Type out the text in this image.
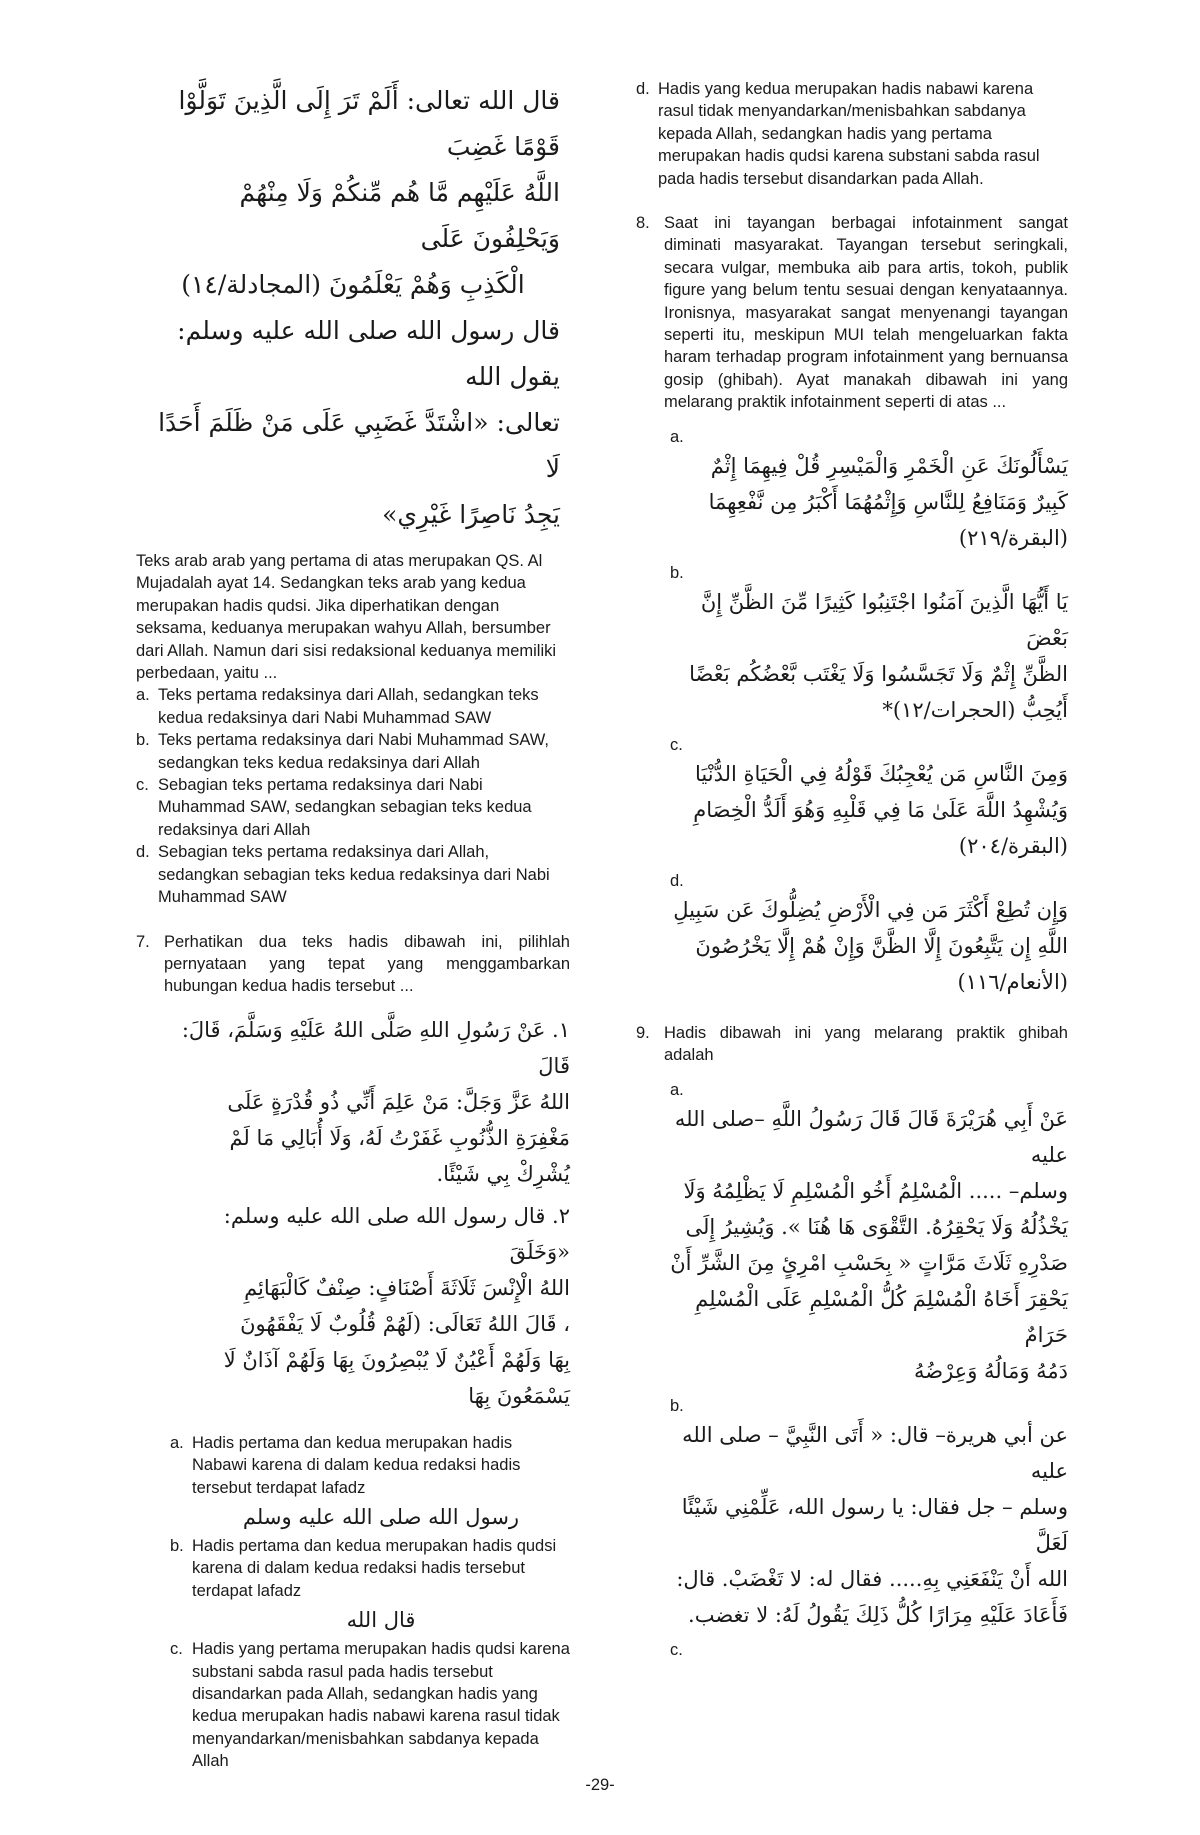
قال الله تعالى: أَلَمْ تَرَ إِلَى الَّذِينَ تَوَلَّوْا قَوْمًا غَضِبَ

اللَّهُ عَلَيْهِم مَّا هُم مِّنكُمْ وَلَا مِنْهُمْ وَيَحْلِفُونَ عَلَى

الْكَذِبِ وَهُمْ يَعْلَمُونَ (المجادلة/١٤)

قال رسول الله صلى الله عليه وسلم: يقول الله

تعالى: «اشْتَدَّ غَضَبِي عَلَى مَنْ ظَلَمَ أَحَدًا لَا

يَجِدُ نَاصِرًا غَيْرِي»

Teks arab arab yang pertama di atas merupakan QS. Al Mujadalah ayat 14. Sedangkan teks arab yang kedua merupakan hadis qudsi. Jika diperhatikan dengan seksama, keduanya merupakan wahyu Allah, bersumber dari Allah. Namun dari sisi redaksional keduanya memiliki perbedaan, yaitu ...

a. Teks pertama redaksinya dari Allah, sedangkan teks kedua redaksinya dari Nabi Muhammad SAW
b. Teks pertama redaksinya dari Nabi Muhammad SAW, sedangkan teks kedua redaksinya dari Allah
c. Sebagian teks pertama redaksinya dari Nabi Muhammad SAW, sedangkan sebagian teks kedua redaksinya dari Allah
d. Sebagian teks pertama redaksinya dari Allah, sedangkan sebagian teks kedua redaksinya dari Nabi Muhammad SAW
7. Perhatikan dua teks hadis dibawah ini, pilihlah pernyataan yang tepat yang menggambarkan hubungan kedua hadis tersebut ...

١. عَنْ رَسُولِ اللهِ صَلَّى اللهُ عَلَيْهِ وَسَلَّمَ، قَالَ: قَالَ

اللهُ عَزَّ وَجَلَّ: مَنْ عَلِمَ أَنِّي ذُو قُدْرَةٍ عَلَى

مَغْفِرَةِ الذُّنُوبِ غَفَرْتُ لَهُ، وَلَا أُبَالِي مَا لَمْ

يُشْرِكْ بِي شَيْئًا.

٢. قال رسول الله صلى الله عليه وسلم: «وَخَلَقَ

اللهُ الْإِنْسَ ثَلَاثَةَ أَصْنَافٍ: صِنْفٌ كَالْبَهَائِمِ

، قَالَ اللهُ تَعَالَى: (لَهُمْ قُلُوبٌ لَا يَفْقَهُونَ

بِهَا وَلَهُمْ أَعْيُنٌ لَا يُبْصِرُونَ بِهَا وَلَهُمْ آذَانٌ لَا

يَسْمَعُونَ بِهَا

a. Hadis pertama dan kedua merupakan hadis Nabawi karena di dalam kedua redaksi hadis tersebut terdapat lafadz
رسول الله صلى الله عليه وسلم
b. Hadis pertama dan kedua merupakan hadis qudsi karena di dalam kedua redaksi hadis tersebut terdapat lafadz
قال الله
c. Hadis yang pertama merupakan hadis qudsi karena substani sabda rasul pada hadis tersebut disandarkan pada Allah, sedangkan hadis yang kedua merupakan hadis nabawi karena rasul tidak menyandarkan/menisbahkan sabdanya kepada Allah
d. Hadis yang kedua merupakan hadis nabawi karena rasul tidak menyandarkan/menisbahkan sabdanya kepada Allah, sedangkan hadis yang pertama merupakan hadis qudsi karena substani sabda rasul pada hadis tersebut disandarkan pada Allah.
8. Saat ini tayangan berbagai infotainment sangat diminati masyarakat. Tayangan tersebut seringkali, secara vulgar, membuka aib para artis, tokoh, publik figure yang belum tentu sesuai dengan kenyataannya. Ironisnya, masyarakat sangat menyenangi tayangan seperti itu, meskipun MUI telah mengeluarkan fakta haram terhadap program infotainment yang bernuansa gosip (ghibah). Ayat manakah dibawah ini yang melarang praktik infotainment seperti di atas ...

a.

يَسْأَلُونَكَ عَنِ الْخَمْرِ وَالْمَيْسِرِ قُلْ فِيهِمَا إِثْمٌ

كَبِيرٌ وَمَنَافِعُ لِلنَّاسِ وَإِثْمُهُمَا أَكْبَرُ مِن نَّفْعِهِمَا

(البقرة/٢١٩)

b.

يَا أَيُّهَا الَّذِينَ آمَنُوا اجْتَنِبُوا كَثِيرًا مِّنَ الظَّنِّ إِنَّ بَعْضَ

الظَّنِّ إِثْمٌ وَلَا تَجَسَّسُوا وَلَا يَغْتَب بَّعْضُكُم بَعْضًا

أَيُحِبُّ (الحجرات/١٢)*

c.

وَمِنَ النَّاسِ مَن يُعْجِبُكَ قَوْلُهُ فِي الْحَيَاةِ الدُّنْيَا

وَيُشْهِدُ اللَّهَ عَلَىٰ مَا فِي قَلْبِهِ وَهُوَ أَلَدُّ الْخِصَامِ

(البقرة/٢٠٤)

d.

وَإِن تُطِعْ أَكْثَرَ مَن فِي الْأَرْضِ يُضِلُّوكَ عَن سَبِيلِ

اللَّهِ إِن يَتَّبِعُونَ إِلَّا الظَّنَّ وَإِنْ هُمْ إِلَّا يَخْرُصُونَ

(الأنعام/١١٦)

9. Hadis dibawah ini yang melarang praktik ghibah adalah

a.

عَنْ أَبِي هُرَيْرَةَ قَالَ قَالَ رَسُولُ اللَّهِ –صلى الله عليه

وسلم– ..... الْمُسْلِمُ أَخُو الْمُسْلِمِ لَا يَظْلِمُهُ وَلَا

يَخْذُلُهُ وَلَا يَحْقِرُهُ. التَّقْوَى هَا هُنَا ». وَيُشِيرُ إِلَى

صَدْرِهِ ثَلَاثَ مَرَّاتٍ « بِحَسْبِ امْرِئٍ مِنَ الشَّرِّ أَنْ

يَحْقِرَ أَخَاهُ الْمُسْلِمَ كُلُّ الْمُسْلِمِ عَلَى الْمُسْلِمِ حَرَامٌ

دَمُهُ وَمَالُهُ وَعِرْضُهُ

b.

عن أبي هريرة– قال: « أَتَى النَّبِيَّ – صلى الله عليه

وسلم – جل فقال: يا رسول الله، عَلِّمْنِي شَيْئًا لَعَلَّ

الله أَنْ يَنْفَعَنِي بِهِ..... فقال له: لا تَغْضَبْ. قال:

فَأَعَادَ عَلَيْهِ مِرَارًا كُلُّ ذَلِكَ يَقُولُ لَهُ: لا تغضب.

c.

-29-
